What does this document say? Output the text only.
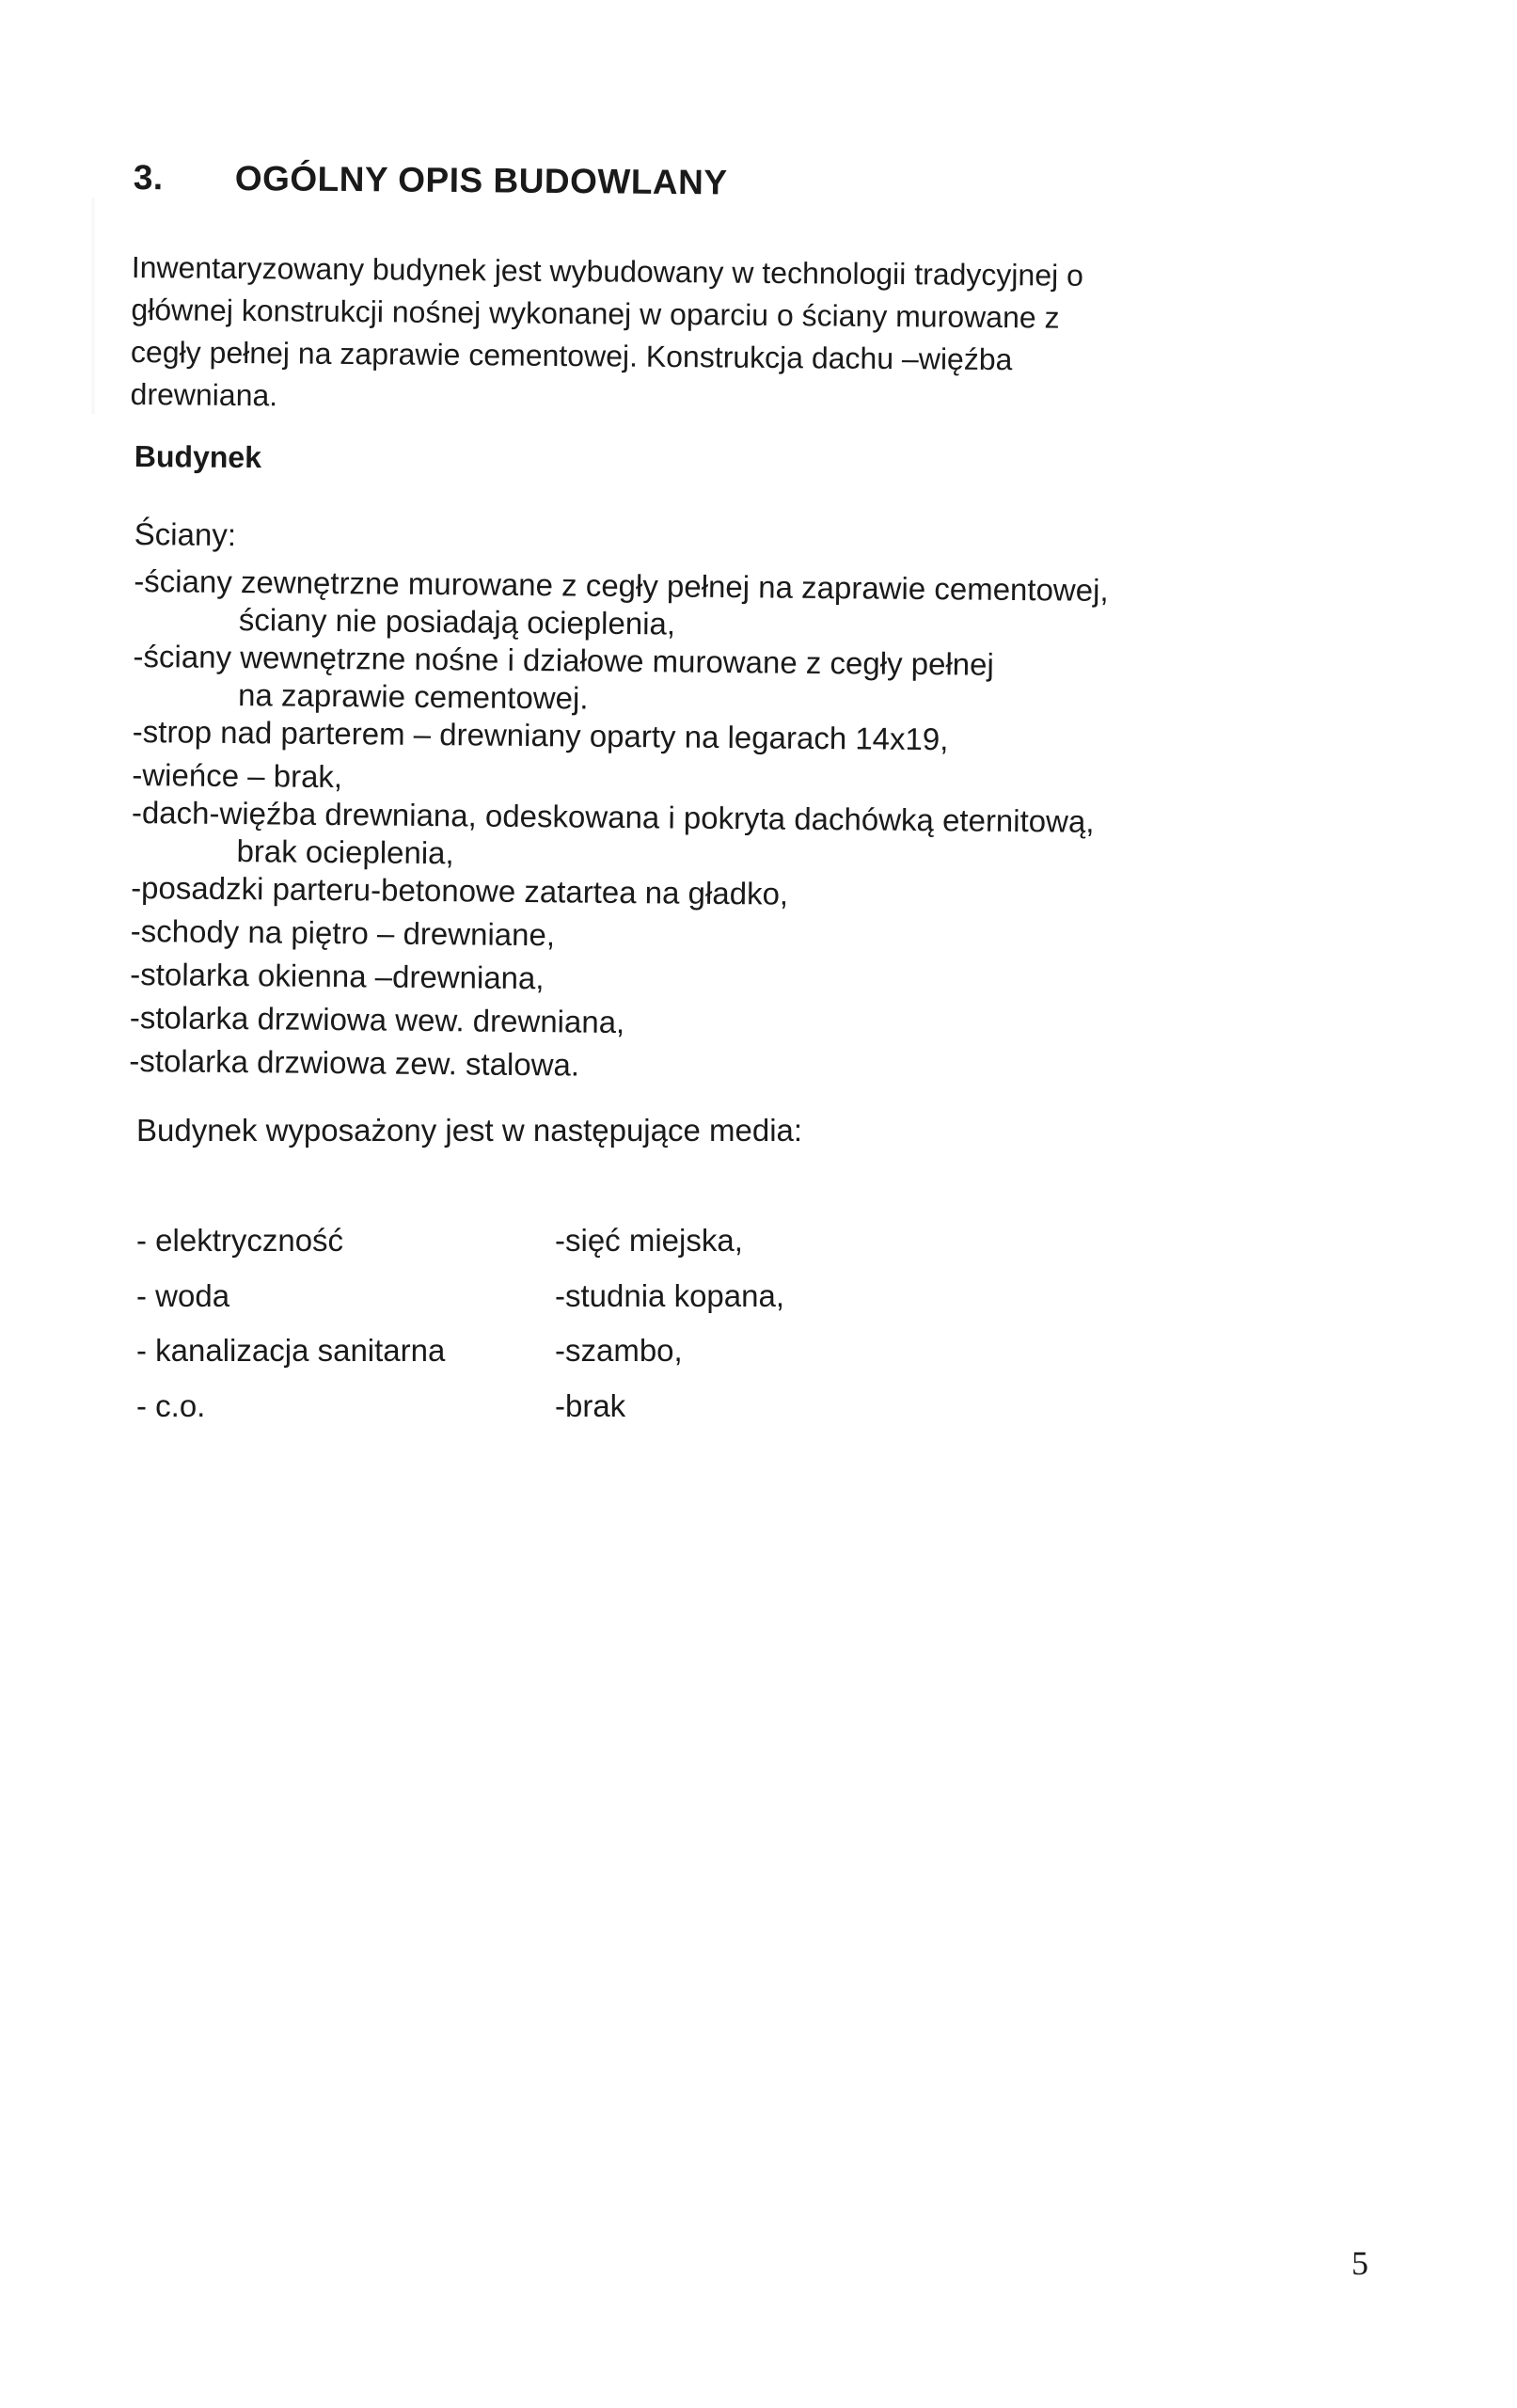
3. OGÓLNY OPIS BUDOWLANY
Inwentaryzowany budynek jest wybudowany w technologii tradycyjnej o
głównej konstrukcji nośnej wykonanej w oparciu o ściany murowane z
cegły pełnej na zaprawie cementowej. Konstrukcja dachu –więźba
drewniana.
Budynek
Ściany:
-ściany zewnętrzne murowane z cegły pełnej na zaprawie cementowej,
ściany nie posiadają ocieplenia,
-ściany wewnętrzne nośne i działowe murowane z cegły pełnej
na zaprawie cementowej.
-strop nad parterem – drewniany oparty na legarach 14x19,
-wieńce – brak,
-dach-więźba drewniana, odeskowana i pokryta dachówką eternitową,
brak ocieplenia,
-posadzki parteru-betonowe zatartea na gładko,
-schody na piętro – drewniane,
-stolarka okienna –drewniana,
-stolarka drzwiowa wew. drewniana,
-stolarka drzwiowa zew. stalowa.
Budynek wyposażony jest w następujące media:
- elektryczność	-sięć miejska,
- woda	-studnia kopana,
- kanalizacja sanitarna	-szambo,
- c.o.	-brak
5
